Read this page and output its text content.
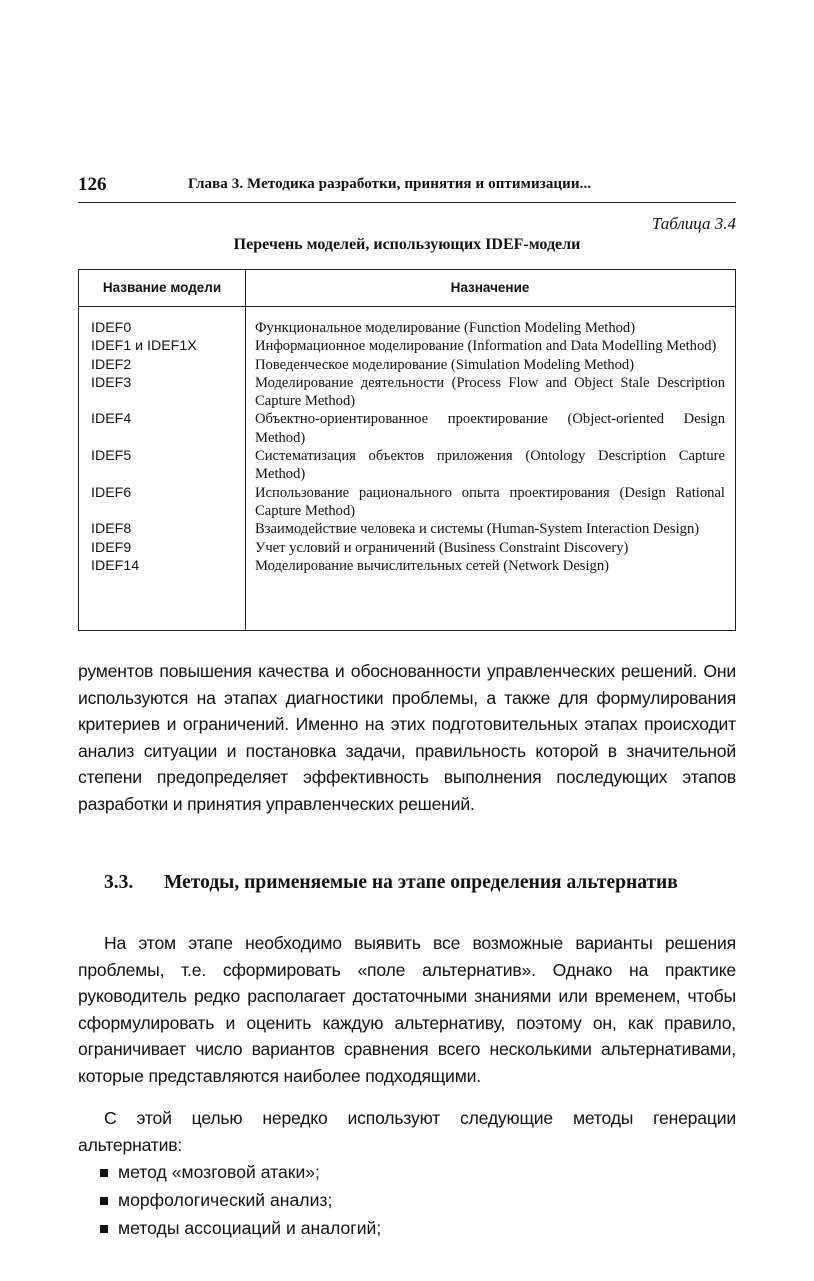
126	Глава 3. Методика разработки, принятия и оптимизации...
Таблица 3.4
Перечень моделей, использующих IDEF-модели
Название модели	Назначение
IDEF0	Функциональное моделирование (Function Modeling Method)
IDEF1 и IDEF1X	Информационное моделирование (Information and Data Modelling Method)
IDEF2	Поведенческое моделирование (Simulation Modeling Method)
IDEF3	Моделирование деятельности (Process Flow and Object Stale Description Capture Method)
IDEF4	Объектно-ориентированное проектирование (Object-oriented Design Method)
IDEF5	Систематизация объектов приложения (Ontology Description Capture Method)
IDEF6	Использование рационального опыта проектирования (Design Rational Capture Method)
IDEF8	Взаимодействие человека и системы (Human-System Interaction Design)
IDEF9	Учет условий и ограничений (Business Constraint Discovery)
IDEF14	Моделирование вычислительных сетей (Network Design)

рументов повышения качества и обоснованности управленческих решений. Они используются на этапах диагностики проблемы, а также для формулирования критериев и ограничений. Именно на этих подготовительных этапах происходит анализ ситуации и постановка задачи, правильность которой в значительной степени предопределяет эффективность выполнения последующих этапов разработки и принятия управленческих решений.

3.3. Методы, применяемые на этапе определения альтернатив

На этом этапе необходимо выявить все возможные варианты решения проблемы, т.е. сформировать «поле альтернатив». Однако на практике руководитель редко располагает достаточными знаниями или временем, чтобы сформулировать и оценить каждую альтернативу, поэтому он, как правило, ограничивает число вариантов сравнения всего несколькими альтернативами, которые представляются наиболее подходящими.

С этой целью нередко используют следующие методы генерации альтернатив:

метод «мозговой атаки»;
морфологический анализ;
методы ассоциаций и аналогий;
